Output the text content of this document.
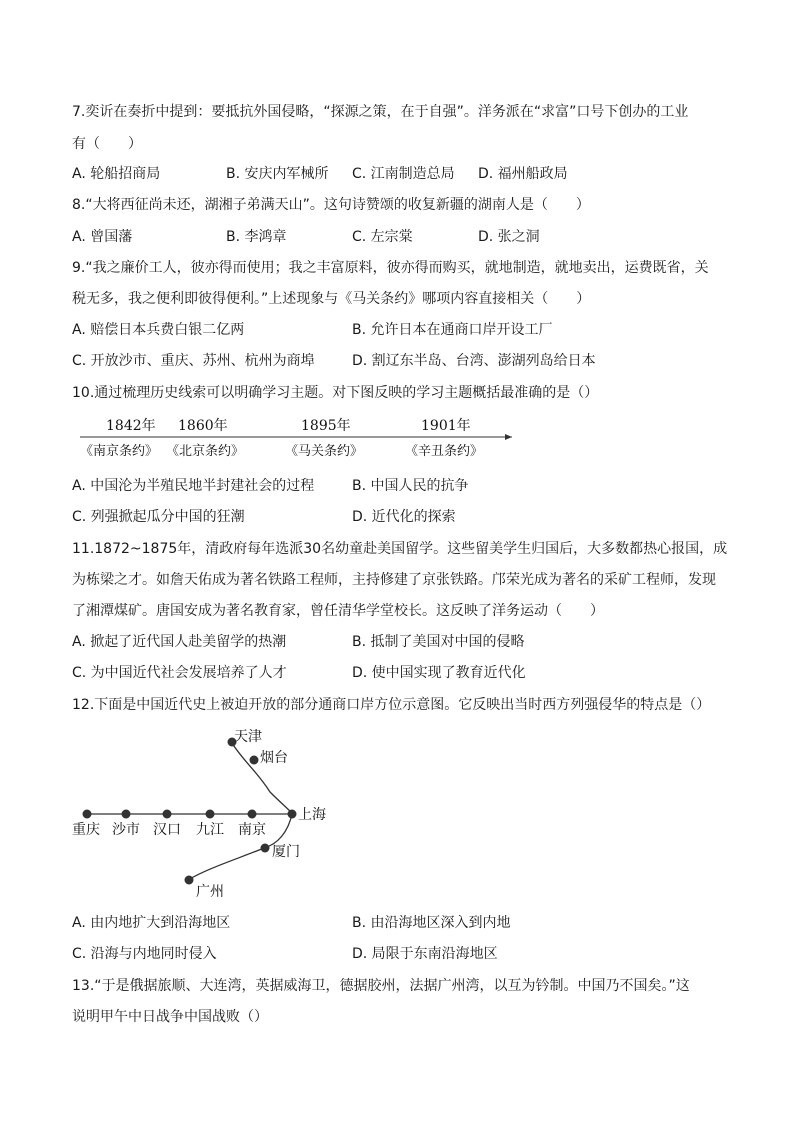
7.奕䜣在奏折中提到：要抵抗外国侵略，“探源之策，在于自强”。洋务派在“求富”口号下创办的工业
有（　　）
A. 轮船招商局	B. 安庆内军械所 C. 江南制造总局 D. 福州船政局
8.“大将西征尚未还，湖湘子弟满天山”。这句诗赞颂的收复新疆的湖南人是（　　）
A. 曾国藩	B. 李鸿章	C. 左宗棠	D. 张之洞
9.“我之廉价工人，彼亦得而使用；我之丰富原料，彼亦得而购买，就地制造，就地卖出，运费既省，关
税无多，我之便利即彼得便利。”上述现象与《马关条约》哪项内容直接相关（　　）
A. 赔偿日本兵费白银二亿两	B. 允许日本在通商口岸开设工厂
C. 开放沙市、重庆、苏州、杭州为商埠	D. 割辽东半岛、台湾、澎湖列岛给日本
10.通过梳理历史线索可以明确学习主题。对下图反映的学习主题概括最准确的是（）
1842年 1860年	1895年	1901年
《南京条约》 《北京条约》	《马关条约》	《辛丑条约》
A. 中国沦为半殖民地半封建社会的过程	B. 中国人民的抗争
C. 列强掀起瓜分中国的狂潮	D. 近代化的探索
11.1872~1875年，清政府每年选派30名幼童赴美国留学。这些留美学生归国后，大多数都热心报国，成
为栋梁之才。如詹天佑成为著名铁路工程师，主持修建了京张铁路。邝荣光成为著名的采矿工程师，发现
了湘潭煤矿。唐国安成为著名教育家，曾任清华学堂校长。这反映了洋务运动（　　）
A. 掀起了近代国人赴美留学的热潮	B. 抵制了美国对中国的侵略
C. 为中国近代社会发展培养了人才	D. 使中国实现了教育近代化
12.下面是中国近代史上被迫开放的部分通商口岸方位示意图。它反映出当时西方列强侵华的特点是（）
天津
烟台
上海
厦门
广州
重庆 沙市 汉口 九江 南京
A. 由内地扩大到沿海地区	B. 由沿海地区深入到内地
C. 沿海与内地同时侵入	D. 局限于东南沿海地区
13.“于是俄据旅顺、大连湾，英据威海卫，德据胶州，法据广州湾，以互为钤制。中国乃不国矣。”这
说明甲午中日战争中国战败（）
